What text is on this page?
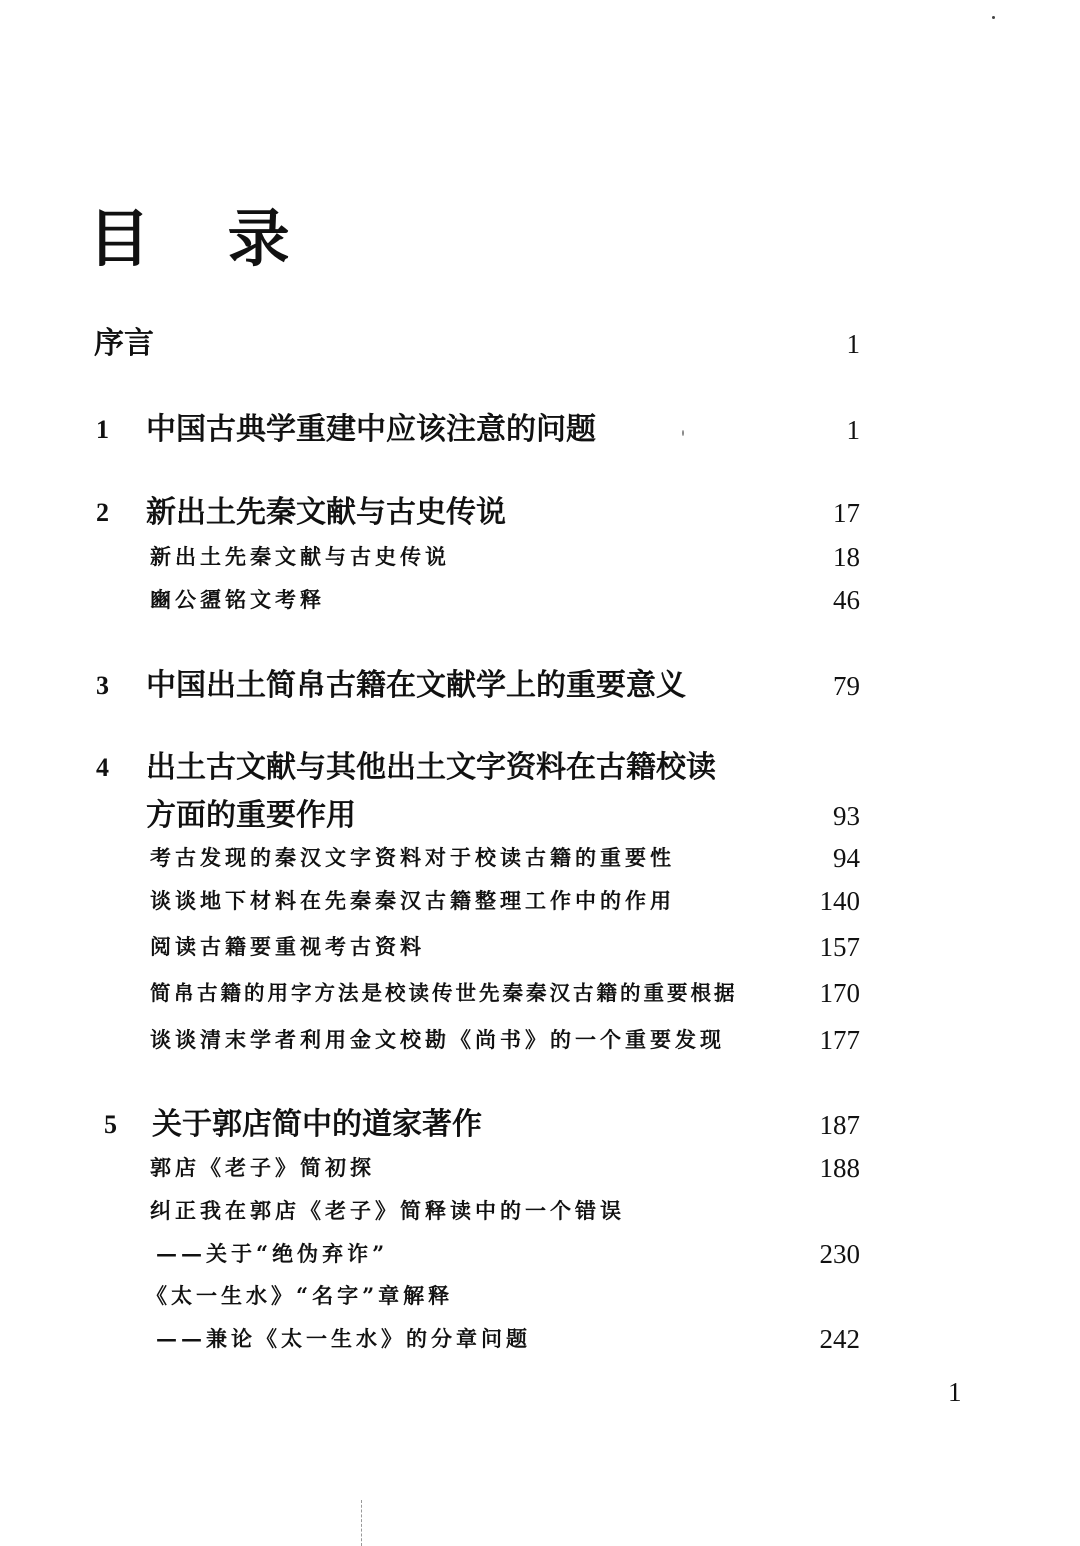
目 录
序言	1
1 中国古典学重建中应该注意的问题	1
2 新出土先秦文献与古史传说	17
新出土先秦文献与古史传说	18
豳公盨铭文考释	46
3 中国出土简帛古籍在文献学上的重要意义	79
4 出土古文献与其他出土文字资料在古籍校读
方面的重要作用	93
考古发现的秦汉文字资料对于校读古籍的重要性	94
谈谈地下材料在先秦秦汉古籍整理工作中的作用	140
阅读古籍要重视考古资料	157
简帛古籍的用字方法是校读传世先秦秦汉古籍的重要根据	170
谈谈清末学者利用金文校勘《尚书》的一个重要发现	177
5 关于郭店简中的道家著作	187
郭店《老子》简初探	188
纠正我在郭店《老子》简释读中的一个错误
——关于“绝伪弃诈”	230
《太一生水》“名字”章解释
——兼论《太一生水》的分章问题	242
1
